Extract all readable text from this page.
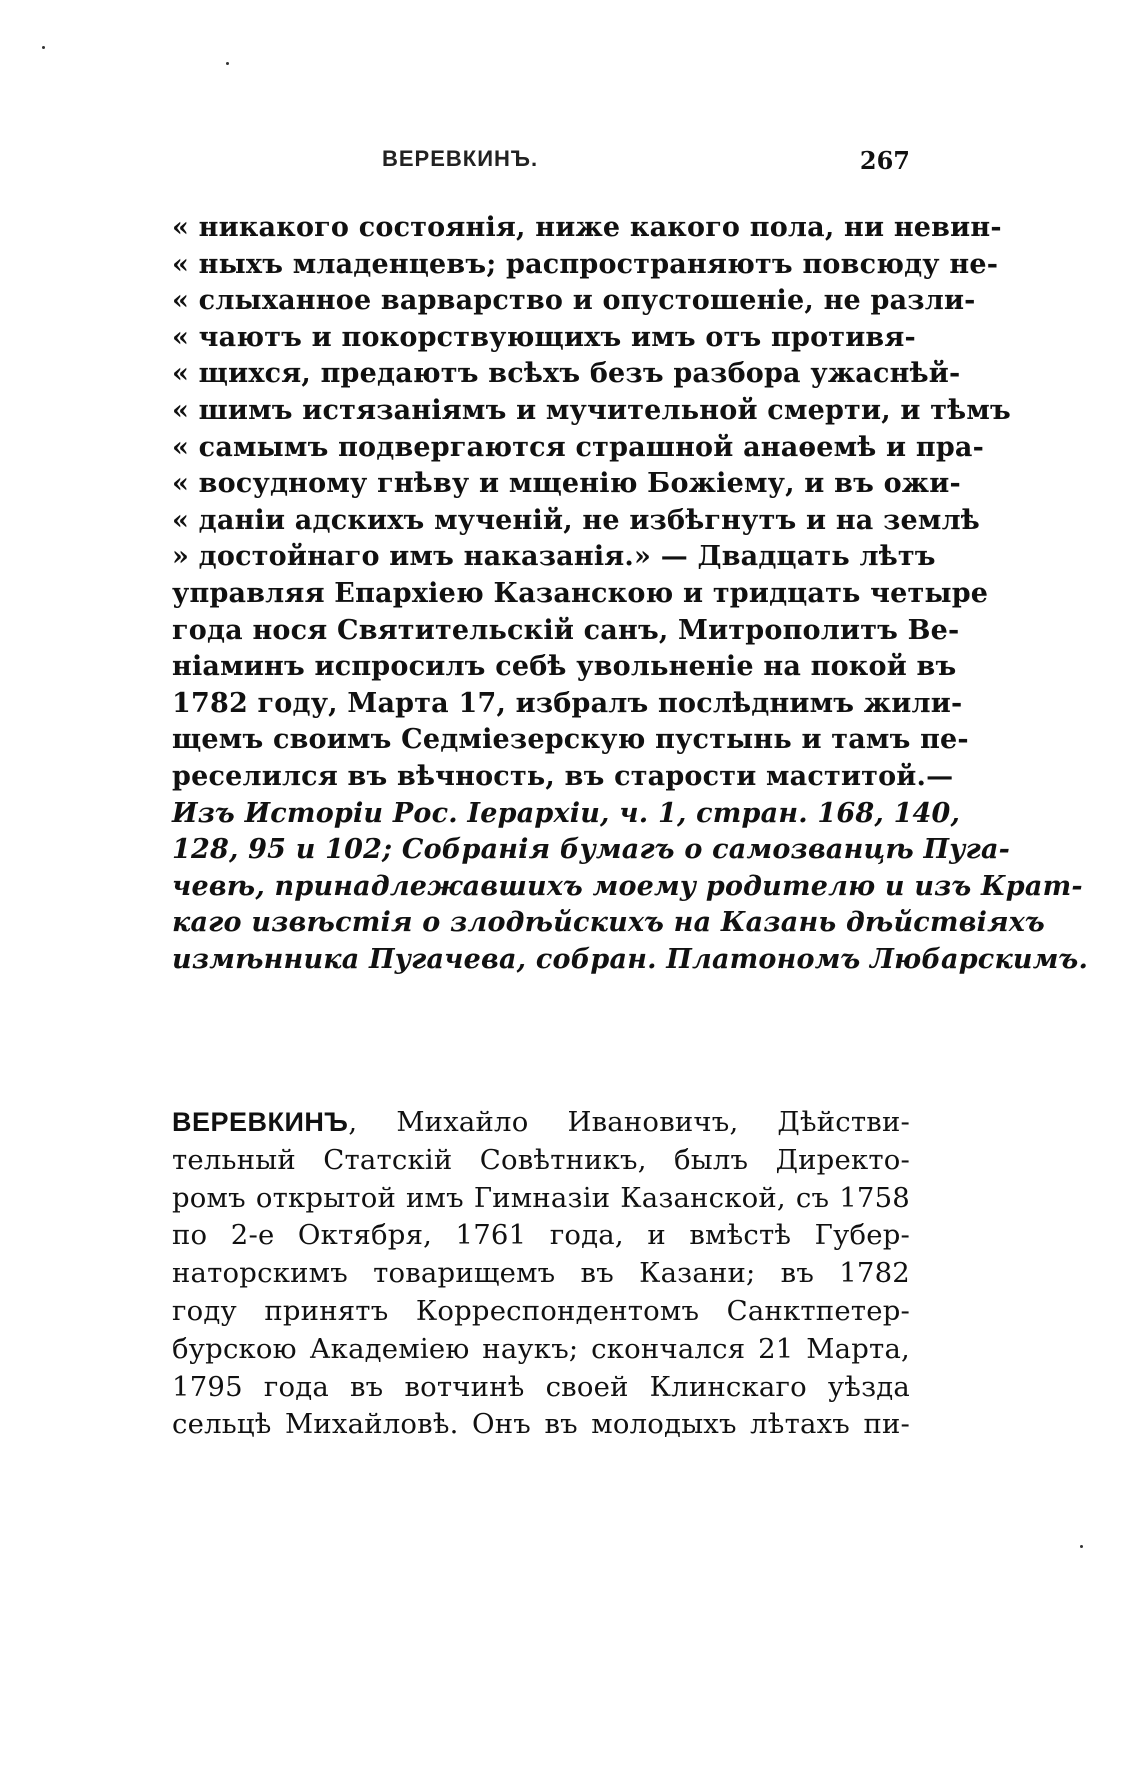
ВЕРЕВКИНЪ.	267
« никакого состоянія, ниже какого пола, ни невин-
« ныхъ младенцевъ; распространяютъ повсюду не-
« слыханное варварство и опустошеніе, не разли-
« чаютъ и покорствующихъ имъ отъ противя-
« щихся, предаютъ всѣхъ безъ разбора ужаснѣй-
« шимъ истязаніямъ и мучительной смерти, и тѣмъ
« самымъ подвергаются страшной анаѳемѣ и пра-
« восудному гнѣву и мщенію Божіему, и въ ожи-
« даніи адскихъ мученій, не избѣгнутъ и на землѣ
» достойнаго имъ наказанія.» — Двадцать лѣтъ
управляя Епархіею Казанскою и тридцать четыре
года нося Святительскій санъ, Митрополитъ Ве-
ніаминъ испросилъ себѣ увольненіе на покой въ
1782 году, Марта 17, избралъ послѣднимъ жили-
щемъ своимъ Седміезерскую пустынь и тамъ пе-
реселился въ вѣчность, въ старости маститой.—
Изъ Исторіи Рос. Іерархіи, ч. 1, стран. 168, 140,
128, 95 и 102; Собранія бумагъ о самозванцѣ Пуга-
чевѣ, принадлежавшихъ моему родителю и изъ Крат-
каго извѣстія о злодѣйскихъ на Казань дѣйствіяхъ
измѣнника Пугачева, собран. Платономъ Любарскимъ.
ВЕРЕВКИНЪ, Михайло Ивановичъ, Дѣйстви-
тельный Статскій Совѣтникъ, былъ Директо-
ромъ открытой имъ Гимназіи Казанской, съ 1758
по 2-е Октября, 1761 года, и вмѣстѣ Губер-
наторскимъ товарищемъ въ Казани; въ 1782
году принятъ Корреспондентомъ Санктпетер-
бурскою Академіею наукъ; скончался 21 Марта,
1795 года въ вотчинѣ своей Клинскаго уѣзда
сельцѣ Михайловѣ. Онъ въ молодыхъ лѣтахъ пи-
